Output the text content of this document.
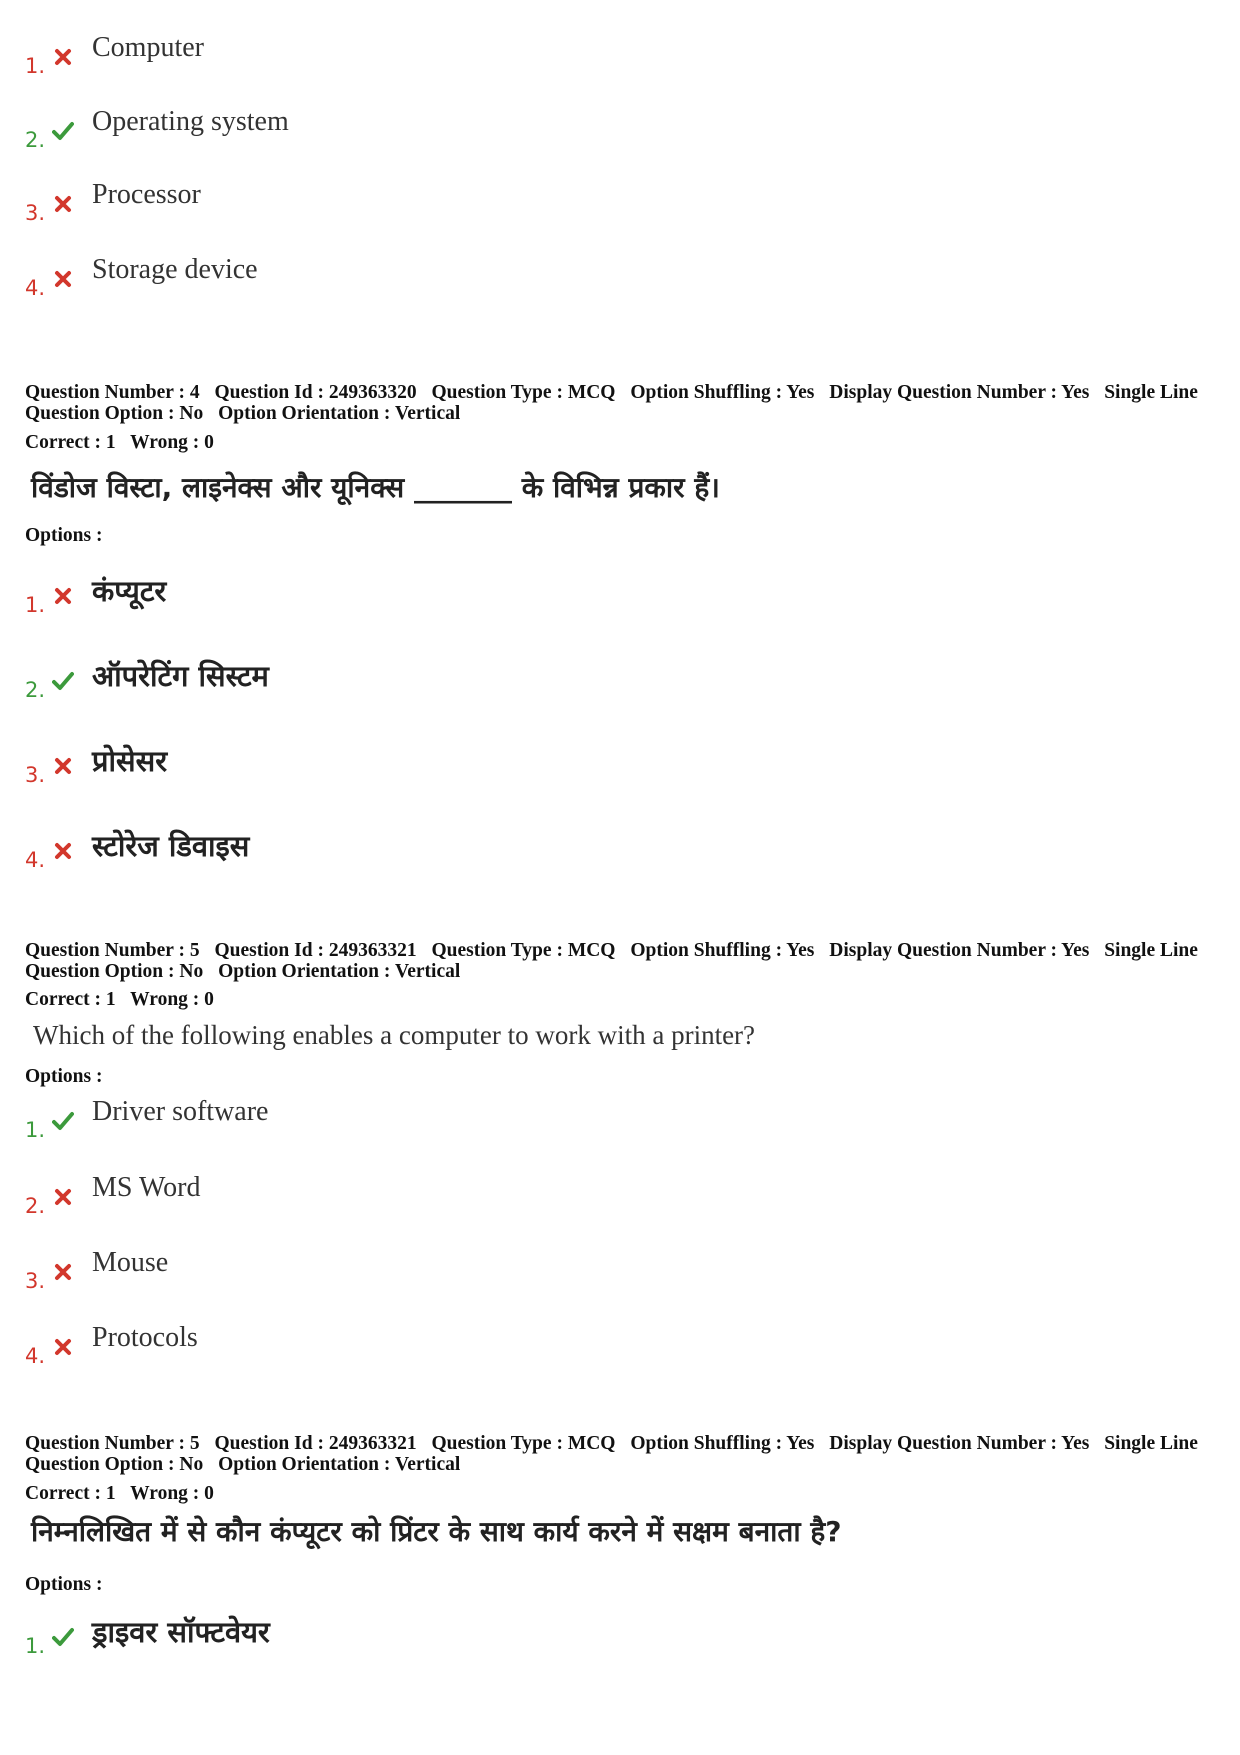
1.
Computer
2.
Operating system
3.
Processor
4.
Storage device
Question Number : 4 Question Id : 249363320 Question Type : MCQ Option Shuffling : Yes Display Question Number : Yes Single Line Question Option : No Option Orientation : Vertical
Correct : 1 Wrong : 0
विंडोज विस्टा, लाइनेक्स और यूनिक्स _______ के विभिन्न प्रकार हैं।
Options :
1. कंप्यूटर
2. ऑपरेटिंग सिस्टम
3. प्रोसेसर
4. स्टोरेज डिवाइस
Question Number : 5 Question Id : 249363321 Question Type : MCQ Option Shuffling : Yes Display Question Number : Yes Single Line Question Option : No Option Orientation : Vertical
Correct : 1 Wrong : 0
Which of the following enables a computer to work with a printer?
Options :
1.
Driver software
2.
MS Word
3.
Mouse
4.
Protocols
Question Number : 5 Question Id : 249363321 Question Type : MCQ Option Shuffling : Yes Display Question Number : Yes Single Line Question Option : No Option Orientation : Vertical
Correct : 1 Wrong : 0
निम्नलिखित में से कौन कंप्यूटर को प्रिंटर के साथ कार्य करने में सक्षम बनाता है?
Options :
1. ड्राइवर सॉफ्टवेयर
